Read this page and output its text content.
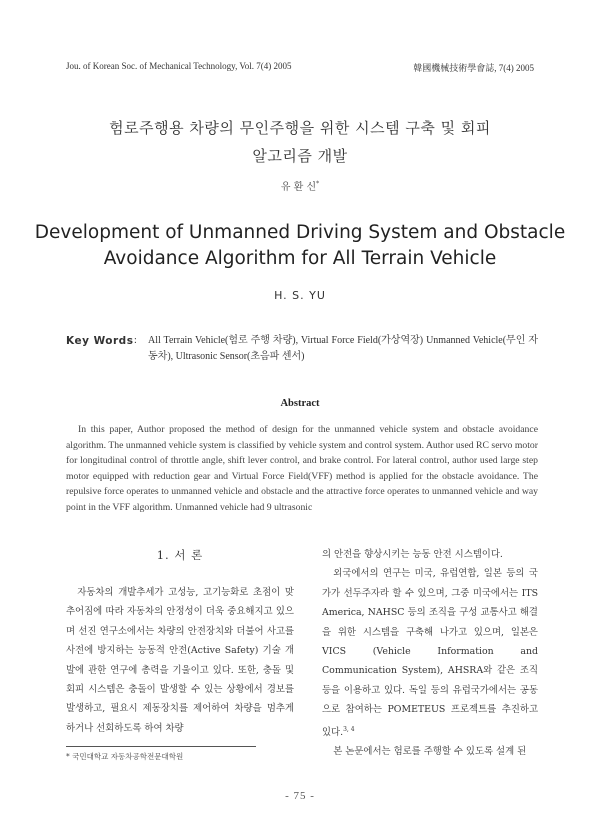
Jou. of Korean Soc. of Mechanical Technology, Vol. 7(4) 2005	韓國機械技術學會誌, 7(4) 2005
험로주행용 차량의 무인주행을 위한 시스템 구축 및 회피
알고리즘 개발
유 환 신*
Development of Unmanned Driving System and Obstacle
Avoidance Algorithm for All Terrain Vehicle
H. S. YU
Key Words : All Terrain Vehicle(험로 주행 차량), Virtual Force Field(가상역장) Unmanned Vehicle(무인 자동차), Ultrasonic Sensor(초음파 센서)
Abstract

In this paper, Author proposed the method of design for the unmanned vehicle system and obstacle avoidance algorithm. The unmanned vehicle system is classified by vehicle system and control system. Author used RC servo motor for longitudinal control of throttle angle, shift lever control, and brake control. For lateral control, author used large step motor equipped with reduction gear and Virtual Force Field(VFF) method is applied for the obstacle avoidance. The repulsive force operates to unmanned vehicle and obstacle and the attractive force operates to unmanned vehicle and way point in the VFF algorithm. Unmanned vehicle had 9 ultrasonic

1. 서 론

자동차의 개발추세가 고성능, 고기능화로 초점이 맞추어짐에 따라 자동차의 안정성이 더욱 중요해지고 있으며 선진 연구소에서는 차량의 안전장치와 더불어 사고를 사전에 방지하는 능동적 안전(Active Safety) 기술 개발에 관한 연구에 총력을 기울이고 있다. 또한, 충돌 및 회피 시스템은 충돌이 발생할 수 있는 상황에서 경보를 발생하고, 필요시 제동장치를 제어하여 차량을 멈추게 하거나 선회하도록 하여 차량

의 안전을 향상시키는 능동 안전 시스템이다.

외국에서의 연구는 미국, 유럽연합, 일본 등의 국가가 선두주자라 할 수 있으며, 그중 미국에서는 ITS America, NAHSC 등의 조직을 구성 교통사고 해결을 위한 시스템을 구축해 나가고 있으며, 일본은 VICS (Vehicle Information and Communication System), AHSRA와 같은 조직 등을 이용하고 있다. 독일 등의 유럽국가에서는 공동으로 참여하는 POMETEUS 프로젝트를 추진하고 있다.$^{3, 4}$

본 논문에서는 험로를 주행할 수 있도록 설계 된

* 국민대학교 자동차공학전문대학원
- 75 -
